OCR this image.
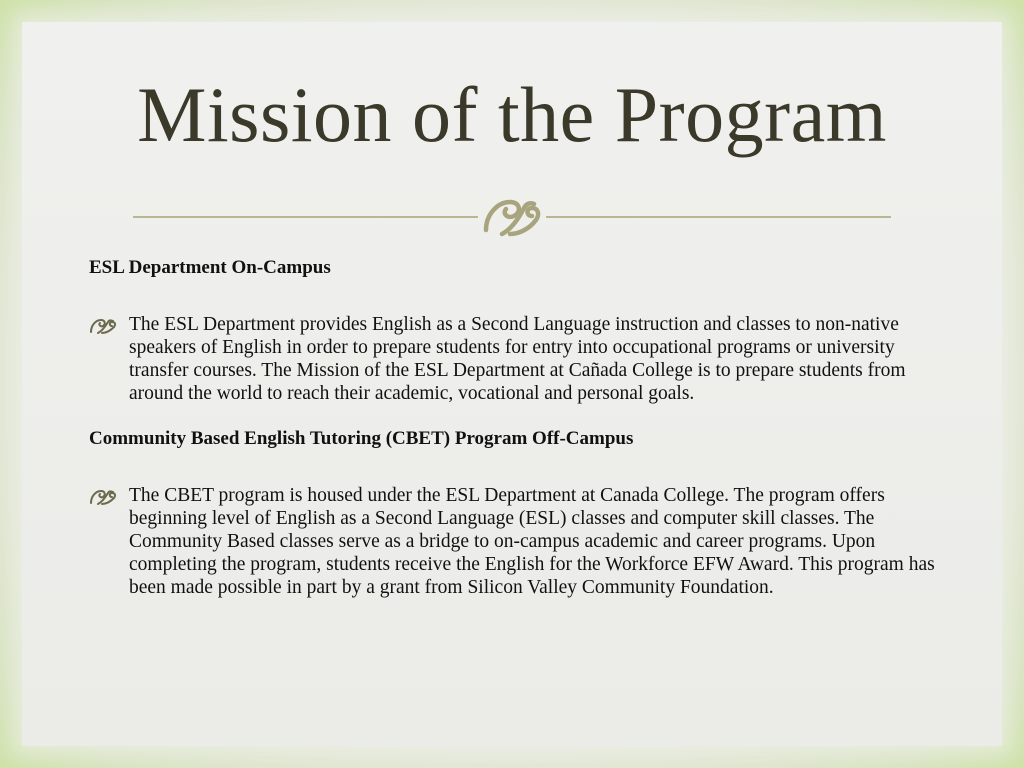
Mission of the Program

ESL Department On-Campus

The ESL Department provides English as a Second Language instruction and classes to non-native speakers of English in order to prepare students for entry into occupational programs or university transfer courses. The Mission of the ESL Department at Cañada College is to prepare students from around the world to reach their academic, vocational and personal goals.

Community Based English Tutoring (CBET) Program Off-Campus

The CBET program is housed under the ESL Department at Canada College. The program offers beginning level of English as a Second Language (ESL) classes and computer skill classes. The Community Based classes serve as a bridge to on-campus academic and career programs. Upon completing the program, students receive the English for the Workforce EFW Award. This program has been made possible in part by a grant from Silicon Valley Community Foundation.
